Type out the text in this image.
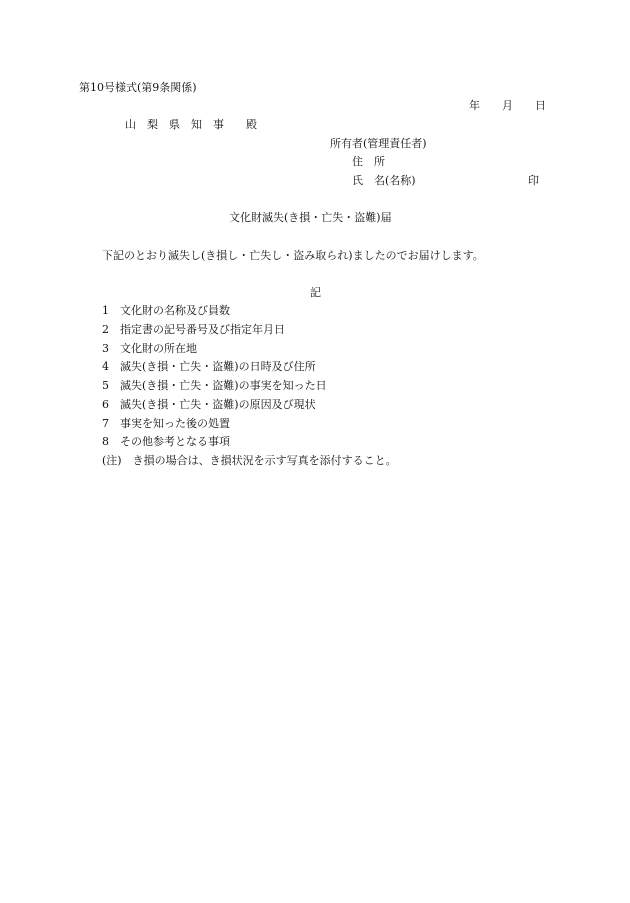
第10号様式(第9条関係)
年　　月　　日
山　梨　県　知　事　　殿
所有者(管理責任者)
住　所
氏　名(名称)	印
文化財滅失(き損・亡失・盗難)届
下記のとおり滅失し(き損し・亡失し・盗み取られ)ましたのでお届けします。
記
1 文化財の名称及び員数
2 指定書の記号番号及び指定年月日
3 文化財の所在地
4 滅失(き損・亡失・盗難)の日時及び住所
5 滅失(き損・亡失・盗難)の事実を知った日
6 滅失(き損・亡失・盗難)の原因及び現状
7 事実を知った後の処置
8 その他参考となる事項
(注)　き損の場合は、き損状況を示す写真を添付すること。
